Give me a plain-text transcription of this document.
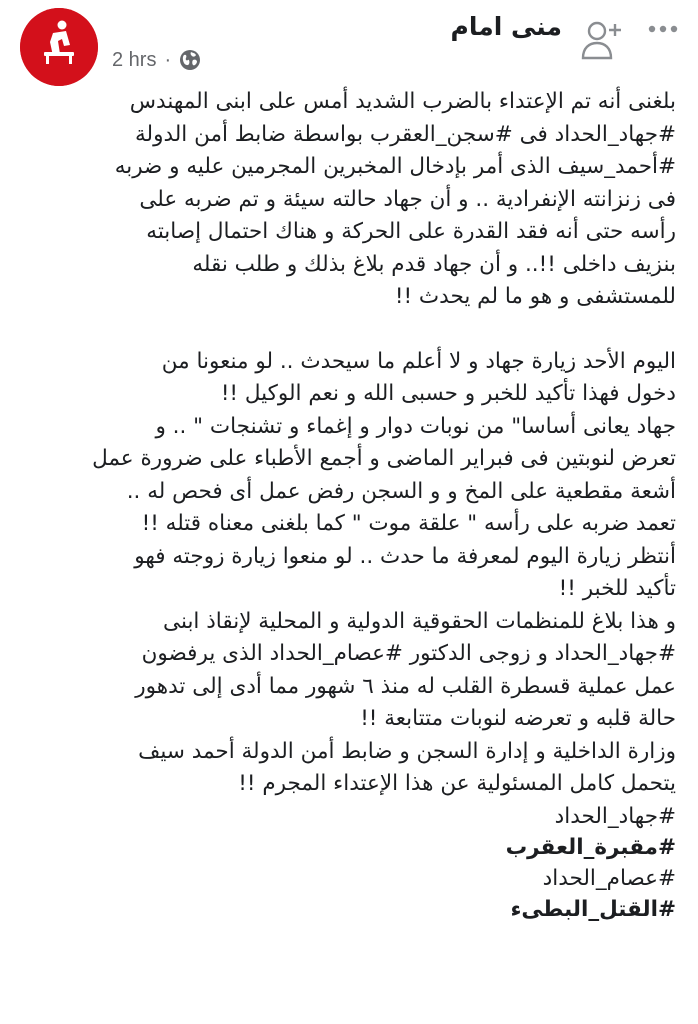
2 hrs ·
منى امام

بلغنى أنه تم الإعتداء بالضرب الشديد أمس على ابنى المهندس
#جهاد_الحداد فى #سجن_العقرب بواسطة ضابط أمن الدولة
#أحمد_سيف الذى أمر بإدخال المخبرين المجرمين عليه و ضربه
فى زنزانته الإنفرادية .. و أن جهاد حالته سيئة و تم ضربه على
رأسه حتى أنه فقد القدرة على الحركة و هناك احتمال إصابته
بنزيف داخلى !!.. و أن جهاد قدم بلاغ بذلك و طلب نقله
للمستشفى و هو ما لم يحدث !!

اليوم الأحد زيارة جهاد و لا أعلم ما سيحدث .. لو منعونا من
دخول فهذا تأكيد للخبر و حسبى الله و نعم الوكيل !!
جهاد يعانى أساسا" من نوبات دوار و إغماء و تشنجات " .. و
تعرض لنوبتين فى فبراير الماضى و أجمع الأطباء على ضرورة عمل
أشعة مقطعية على المخ و و السجن رفض عمل أى فحص له ..
تعمد ضربه على رأسه " علقة موت " كما بلغنى معناه قتله !!
أنتظر زيارة اليوم لمعرفة ما حدث .. لو منعوا زيارة زوجته فهو
تأكيد للخبر !!
و هذا بلاغ للمنظمات الحقوقية الدولية و المحلية لإنقاذ ابنى
#جهاد_الحداد و زوجى الدكتور #عصام_الحداد الذى يرفضون
عمل عملية قسطرة القلب له منذ ٦ شهور مما أدى إلى تدهور
حالة قلبه و تعرضه لنوبات متتابعة !!
وزارة الداخلية و إدارة السجن و ضابط أمن الدولة أحمد سيف
يتحمل كامل المسئولية عن هذا الإعتداء المجرم !!

#جهاد_الحداد

#مقبرة_العقرب

#عصام_الحداد

#القتل_البطىء
